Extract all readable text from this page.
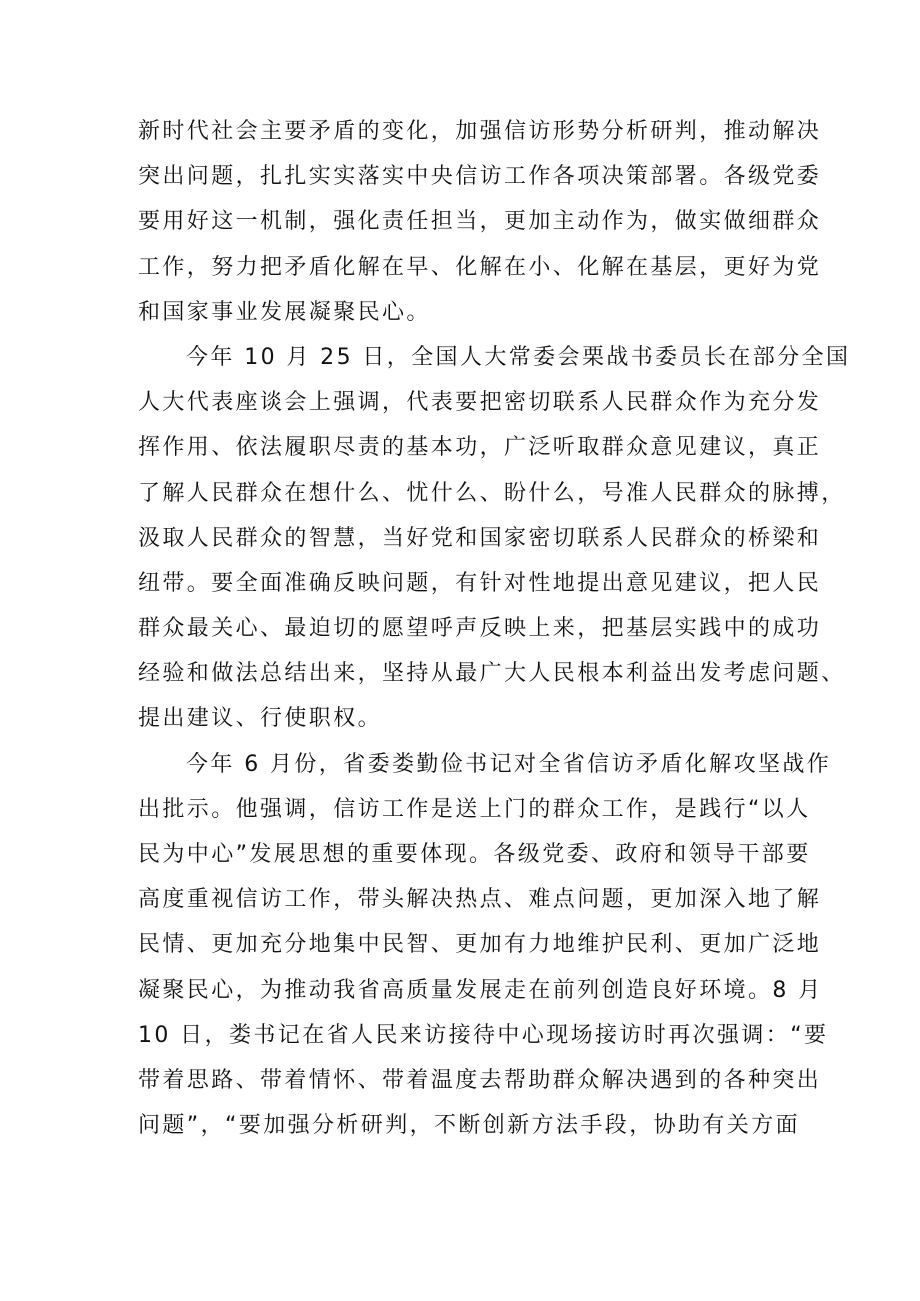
新时代社会主要矛盾的变化，加强信访形势分析研判，推动解决
突出问题，扎扎实实落实中央信访工作各项决策部署。各级党委
要用好这一机制，强化责任担当，更加主动作为，做实做细群众
工作，努力把矛盾化解在早、化解在小、化解在基层，更好为党
和国家事业发展凝聚民心。
今年 10 月 25 日，全国人大常委会栗战书委员长在部分全国
人大代表座谈会上强调，代表要把密切联系人民群众作为充分发
挥作用、依法履职尽责的基本功，广泛听取群众意见建议，真正
了解人民群众在想什么、忧什么、盼什么，号准人民群众的脉搏，
汲取人民群众的智慧，当好党和国家密切联系人民群众的桥梁和
纽带。要全面准确反映问题，有针对性地提出意见建议，把人民
群众最关心、最迫切的愿望呼声反映上来，把基层实践中的成功
经验和做法总结出来，坚持从最广大人民根本利益出发考虑问题、
提出建议、行使职权。
今年 6 月份，省委娄勤俭书记对全省信访矛盾化解攻坚战作
出批示。他强调，信访工作是送上门的群众工作，是践行“以人
民为中心”发展思想的重要体现。各级党委、政府和领导干部要
高度重视信访工作，带头解决热点、难点问题，更加深入地了解
民情、更加充分地集中民智、更加有力地维护民利、更加广泛地
凝聚民心，为推动我省高质量发展走在前列创造良好环境。8 月
10 日，娄书记在省人民来访接待中心现场接访时再次强调：“要
带着思路、带着情怀、带着温度去帮助群众解决遇到的各种突出
问题”，“要加强分析研判，不断创新方法手段，协助有关方面
